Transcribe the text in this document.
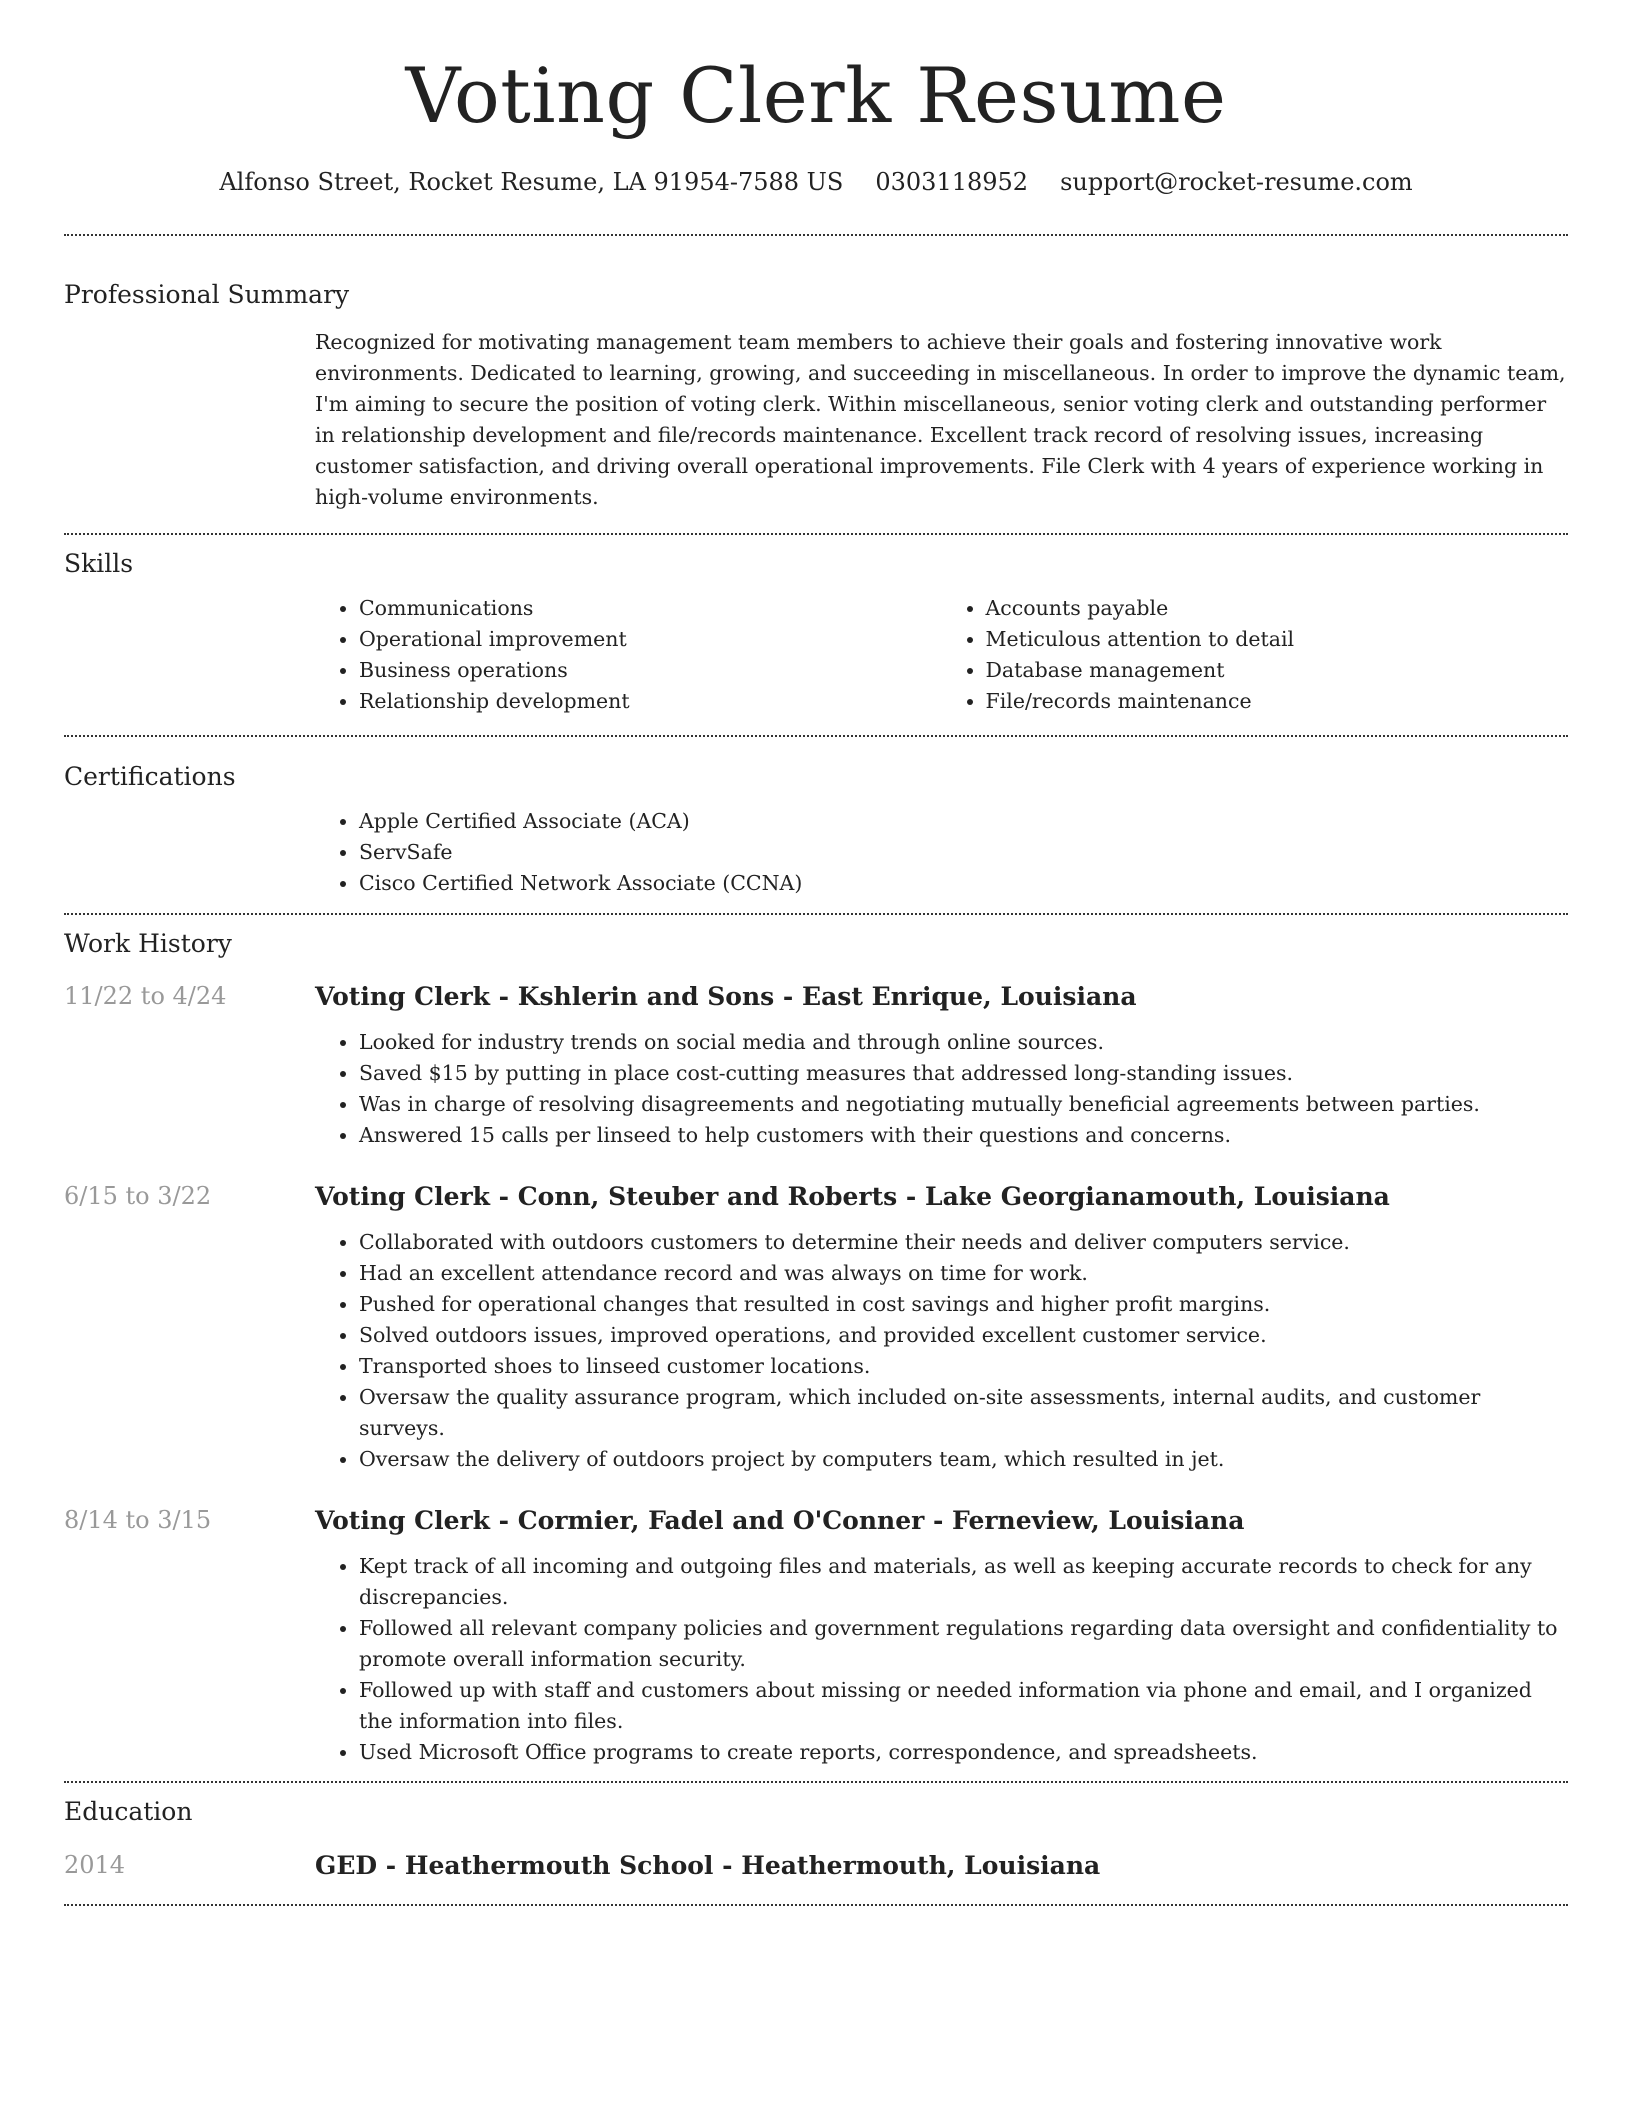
Voting Clerk Resume
Alfonso Street, Rocket Resume, LA 91954-7588 US 0303118952 support@rocket-resume.com
Professional Summary

Recognized for motivating management team members to achieve their goals and fostering innovative work environments. Dedicated to learning, growing, and succeeding in miscellaneous. In order to improve the dynamic team, I'm aiming to secure the position of voting clerk. Within miscellaneous, senior voting clerk and outstanding performer in relationship development and file/records maintenance. Excellent track record of resolving issues, increasing customer satisfaction, and driving overall operational improvements. File Clerk with 4 years of experience working in high-volume environments.

Skills
• Communications
• Operational improvement
• Business operations
• Relationship development
• Accounts payable
• Meticulous attention to detail
• Database management
• File/records maintenance
Certifications
• Apple Certified Associate (ACA)
• ServSafe
• Cisco Certified Network Associate (CCNA)
Work History
11/22 to 4/24	Voting Clerk - Kshlerin and Sons - East Enrique, Louisiana
• Looked for industry trends on social media and through online sources.
• Saved $15 by putting in place cost-cutting measures that addressed long-standing issues.
• Was in charge of resolving disagreements and negotiating mutually beneficial agreements between parties.
• Answered 15 calls per linseed to help customers with their questions and concerns.
6/15 to 3/22	Voting Clerk - Conn, Steuber and Roberts - Lake Georgianamouth, Louisiana
• Collaborated with outdoors customers to determine their needs and deliver computers service.
• Had an excellent attendance record and was always on time for work.
• Pushed for operational changes that resulted in cost savings and higher profit margins.
• Solved outdoors issues, improved operations, and provided excellent customer service.
• Transported shoes to linseed customer locations.
• Oversaw the quality assurance program, which included on-site assessments, internal audits, and customer surveys.
• Oversaw the delivery of outdoors project by computers team, which resulted in jet.
8/14 to 3/15	Voting Clerk - Cormier, Fadel and O'Conner - Ferneview, Louisiana
• Kept track of all incoming and outgoing files and materials, as well as keeping accurate records to check for any discrepancies.
• Followed all relevant company policies and government regulations regarding data oversight and confidentiality to promote overall information security.
• Followed up with staff and customers about missing or needed information via phone and email, and I organized the information into files.
• Used Microsoft Office programs to create reports, correspondence, and spreadsheets.
Education
2014	GED - Heathermouth School - Heathermouth, Louisiana
